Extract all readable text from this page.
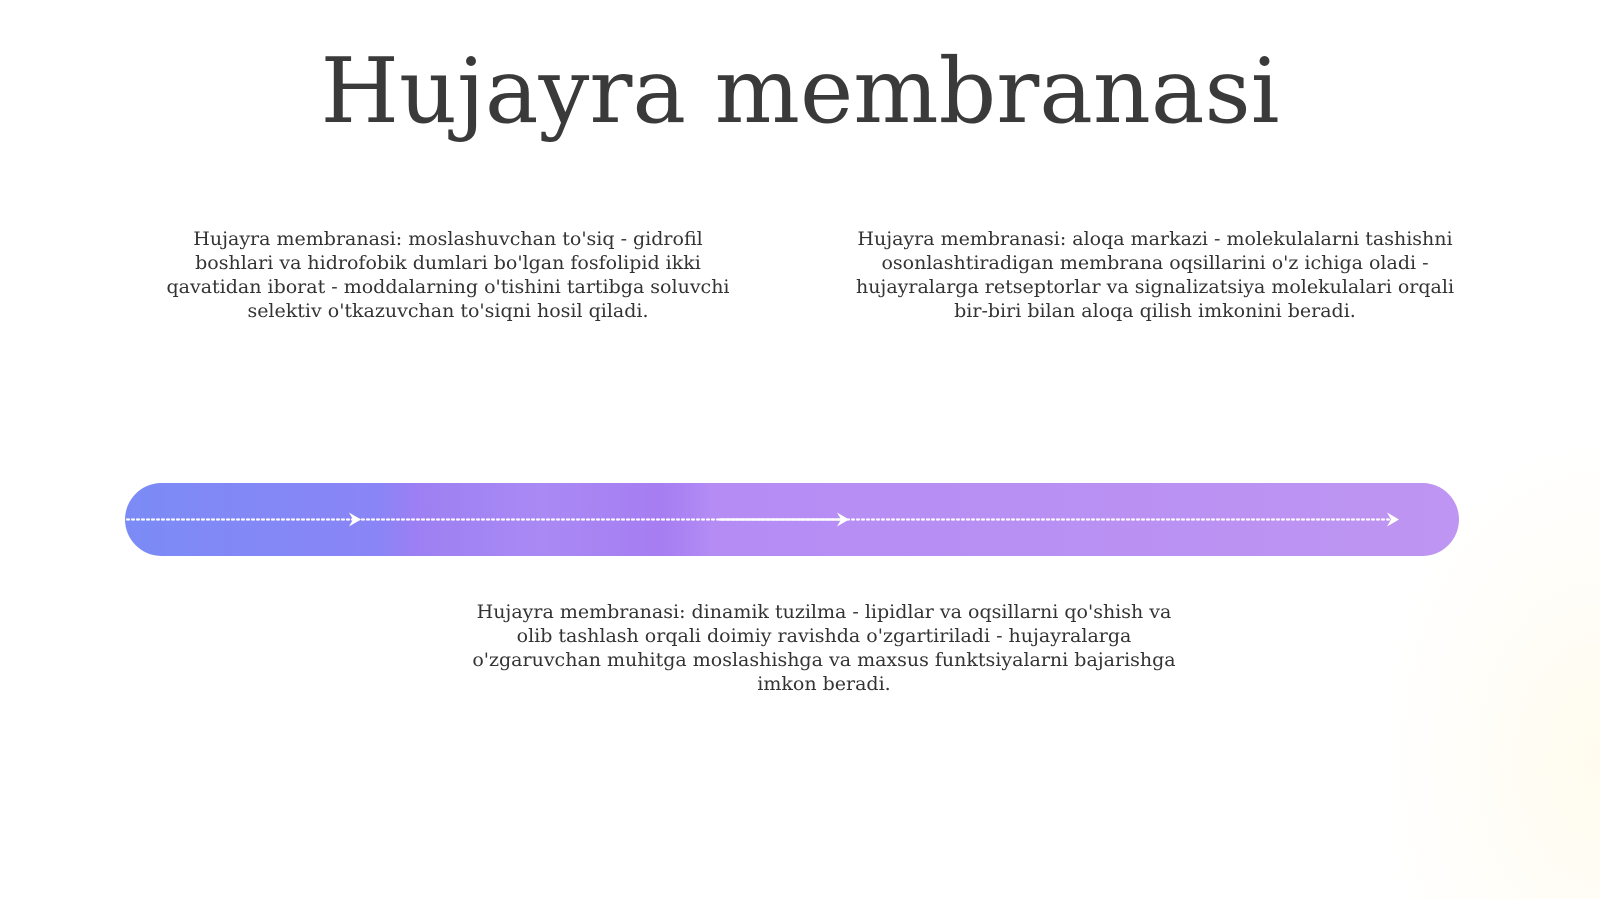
Hujayra membranasi

Hujayra membranasi: moslashuvchan to'siq - gidrofil boshlari va hidrofobik dumlari bo'lgan fosfolipid ikki qavatidan iborat - moddalarning o'tishini tartibga soluvchi selektiv o'tkazuvchan to'siqni hosil qiladi.

Hujayra membranasi: aloqa markazi - molekulalarni tashishni osonlashtiradigan membrana oqsillarini o'z ichiga oladi - hujayralarga retseptorlar va signalizatsiya molekulalari orqali bir-biri bilan aloqa qilish imkonini beradi.

Hujayra membranasi: dinamik tuzilma - lipidlar va oqsillarni qo'shish va olib tashlash orqali doimiy ravishda o'zgartiriladi - hujayralarga o'zgaruvchan muhitga moslashishga va maxsus funktsiyalarni bajarishga imkon beradi.
